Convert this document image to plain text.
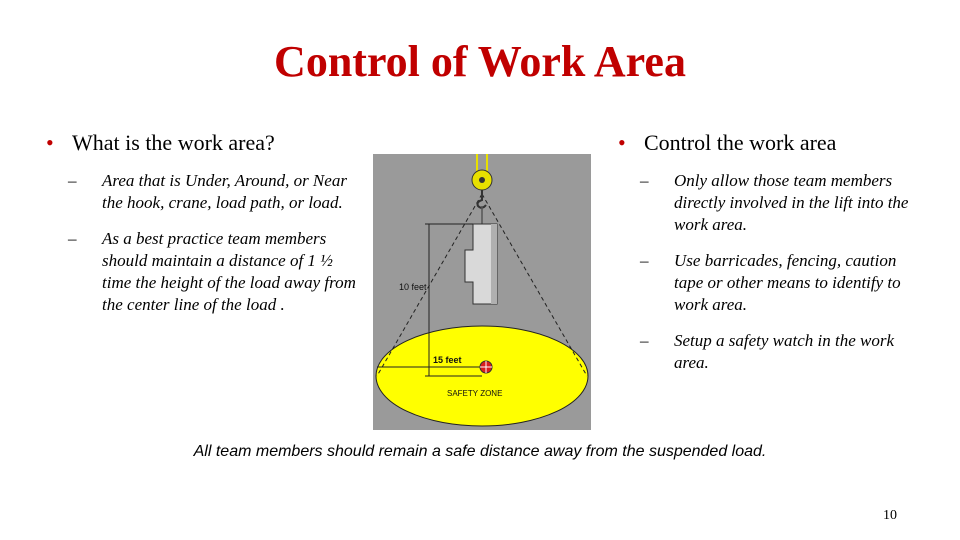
Control of Work Area
• What is the work area?
–	Area that is Under, Around, or Near the hook, crane, load path, or load.
–	As a best practice team members should maintain a distance of 1 ½ time the height of the load away from the center line of the load .
10 feet
15 feet
SAFETY ZONE
• Control the work area
–	Only allow those team members directly involved in the lift into the work area.
–	Use barricades, fencing, caution tape or other means to identify to work area.
–	Setup a safety watch in the work area.
All team members should remain a safe distance away from the suspended load.
10
